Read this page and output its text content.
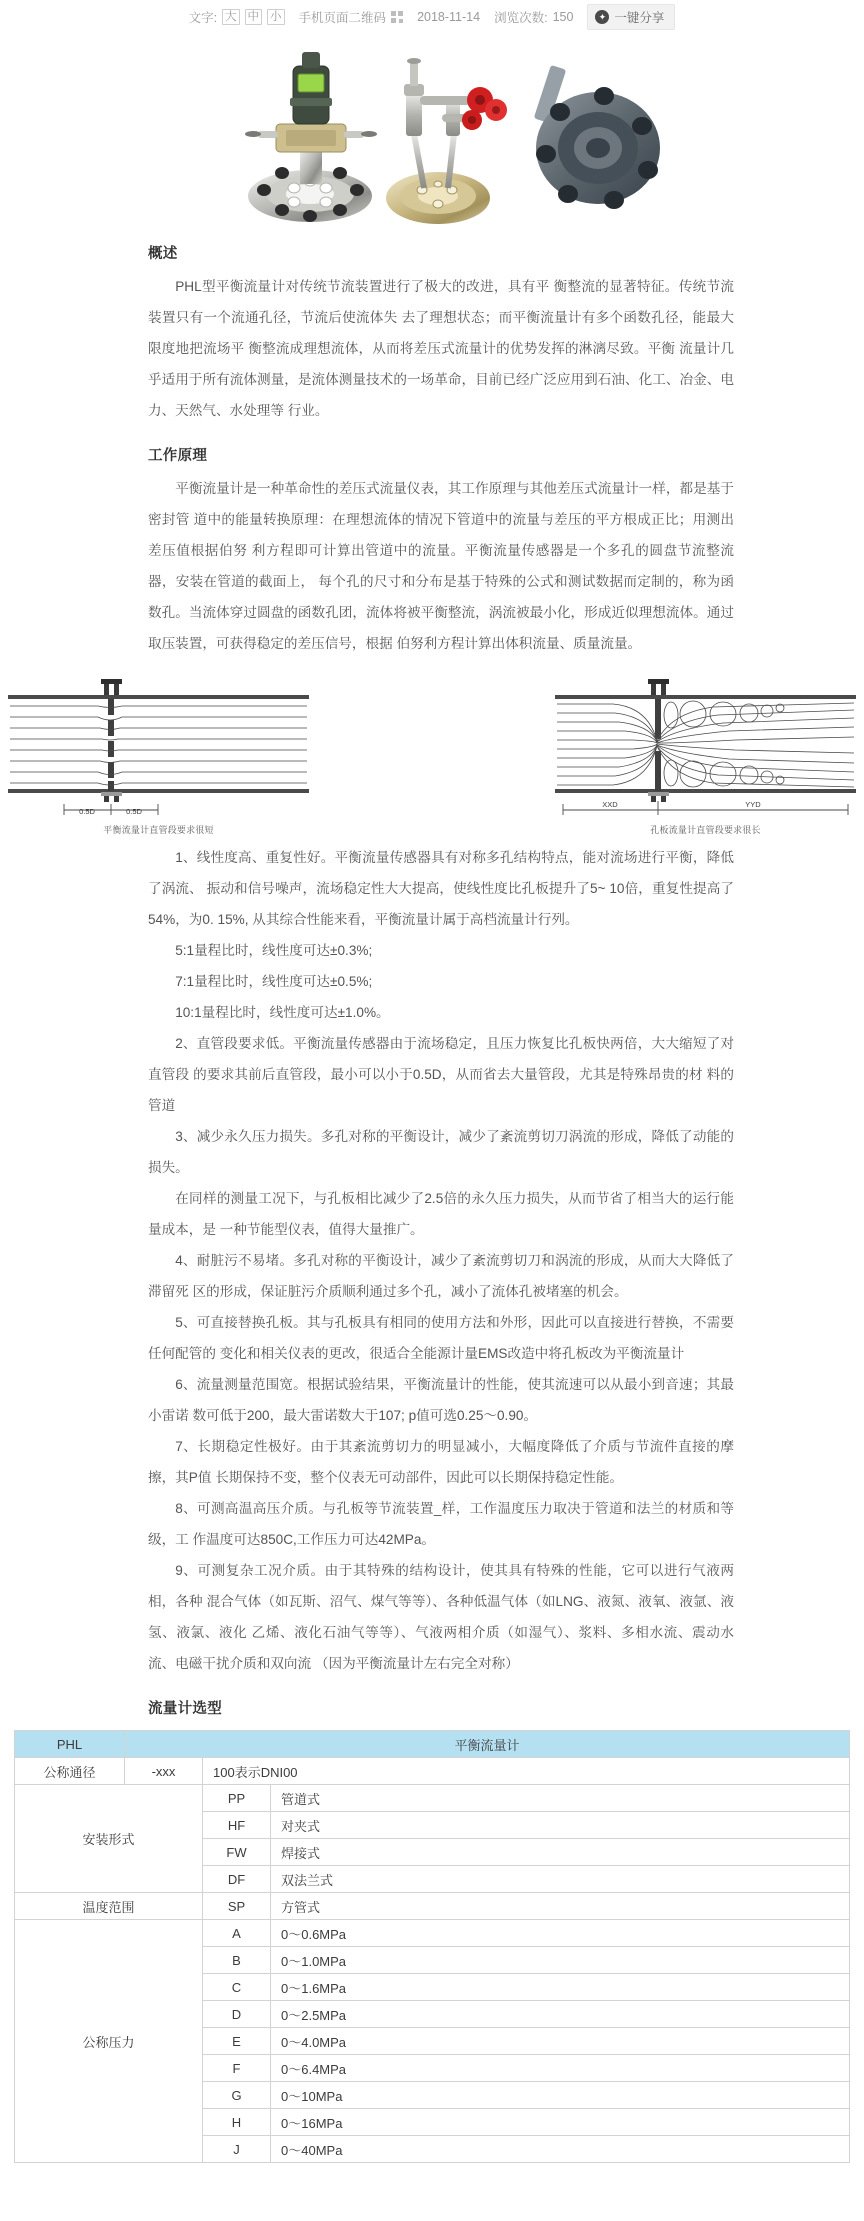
文字: 大 中 小 手机页面二维码 2018-11-14 浏览次数: 150	✦ 一键分享
概述

PHL型平衡流量计对传统节流装置进行了极大的改进，具有平 衡整流的显著特征。传统节流装置只有一个流通孔径，节流后使流体失 去了理想状态；而平衡流量计有多个函数孔径，能最大限度地把流场平 衡整流成理想流体，从而将差压式流量计的优势发挥的淋漓尽致。平衡 流量计几乎适用于所有流体测量，是流体测量技术的一场革命，目前已经广泛应用到石油、化工、冶金、电力、天然气、水处理等 行业。

工作原理

平衡流量计是一种革命性的差压式流量仪表，其工作原理与其他差压式流量计一样，都是基于密封管 道中的能量转换原理：在理想流体的情况下管道中的流量与差压的平方根成正比；用测出差压值根据伯努 利方程即可计算出管道中的流量。平衡流量传感器是一个多孔的圆盘节流整流器，安装在管道的截面上， 每个孔的尺寸和分布是基于特殊的公式和测试数据而定制的，称为函数孔。当流体穿过圆盘的函数孔团，流体将被平衡整流，涡流被最小化，形成近似理想流体。通过取压装置，可获得稳定的差压信号，根据 伯努利方程计算出体积流量、质量流量。

0.5D	0.5D
平衡流量计直管段要求很短
XXD	YYD
孔板流量计直管段要求很长

1、线性度高、重复性好。平衡流量传感器具有对称多孔结构特点，能对流场进行平衡，降低了涡流、 振动和信号噪声，流场稳定性大大提高，使线性度比孔板提升了5~ 10倍，重复性提高了54%，为0. 15%, 从其综合性能来看，平衡流量计属于高档流量计行列。

5:1量程比时，线性度可达±0.3%;

7:1量程比时，线性度可达±0.5%;

10:1量程比时，线性度可达±1.0%。

2、直管段要求低。平衡流量传感器由于流场稳定，且压力恢复比孔板快两倍，大大缩短了对直管段 的要求其前后直管段，最小可以小于0.5D，从而省去大量管段，尤其是特殊昂贵的材 料的管道

3、减少永久压力损失。多孔对称的平衡设计，减少了紊流剪切刀涡流的形成，降低了动能的损失。

在同样的测量工况下，与孔板相比减少了2.5倍的永久压力损失，从而节省了相当大的运行能量成本，是 一种节能型仪表，值得大量推广。

4、耐脏污不易堵。多孔对称的平衡设计，减少了紊流剪切刀和涡流的形成，从而大大降低了滞留死 区的形成，保证脏污介质顺利通过多个孔，减小了流体孔被堵塞的机会。

5、可直接替换孔板。其与孔板具有相同的使用方法和外形，因此可以直接进行替换，不需要任何配管的 变化和相关仪表的更改，很适合全能源计量EMS改造中将孔板改为平衡流量计

6、流量测量范围宽。根据试验结果，平衡流量计的性能，使其流速可以从最小到音速；其最小雷诺 数可低于200，最大雷诺数大于107; p值可选0.25～0.90。

7、长期稳定性极好。由于其紊流剪切力的明显减小，大幅度降低了介质与节流件直接的摩擦，其P值 长期保持不变，整个仪表无可动部件，因此可以长期保持稳定性能。

8、可测高温高压介质。与孔板等节流装置_样，工作温度压力取决于管道和法兰的材质和等级，工 作温度可达850C,工作压力可达42MPa。

9、可测复杂工况介质。由于其特殊的结构设计，使其具有特殊的性能，它可以进行气液两相，各种 混合气体（如瓦斯、沼气、煤气等等）、各种低温气体（如LNG、液氮、液氧、液氩、液氢、液氯、液化 乙烯、液化石油气等等）、气液两相介质（如湿气）、浆料、多相水流、震动水流、电磁干扰介质和双向流 （因为平衡流量计左右完全对称）

流量计选型
PHL	平衡流量计		
公称通径	-xxx	100表示DNI00	
安装形式		PP	管道式
		HF	对夹式
		FW	焊接式
		DF	双法兰式
温度范围		SP	方管式
公称压力		A	0～0.6MPa
		B	0～1.0MPa
		C	0～1.6MPa
		D	0～2.5MPa
		E	0～4.0MPa
		F	0～6.4MPa
		G	0～10MPa
		H	0～16MPa
		J	0～40MPa
